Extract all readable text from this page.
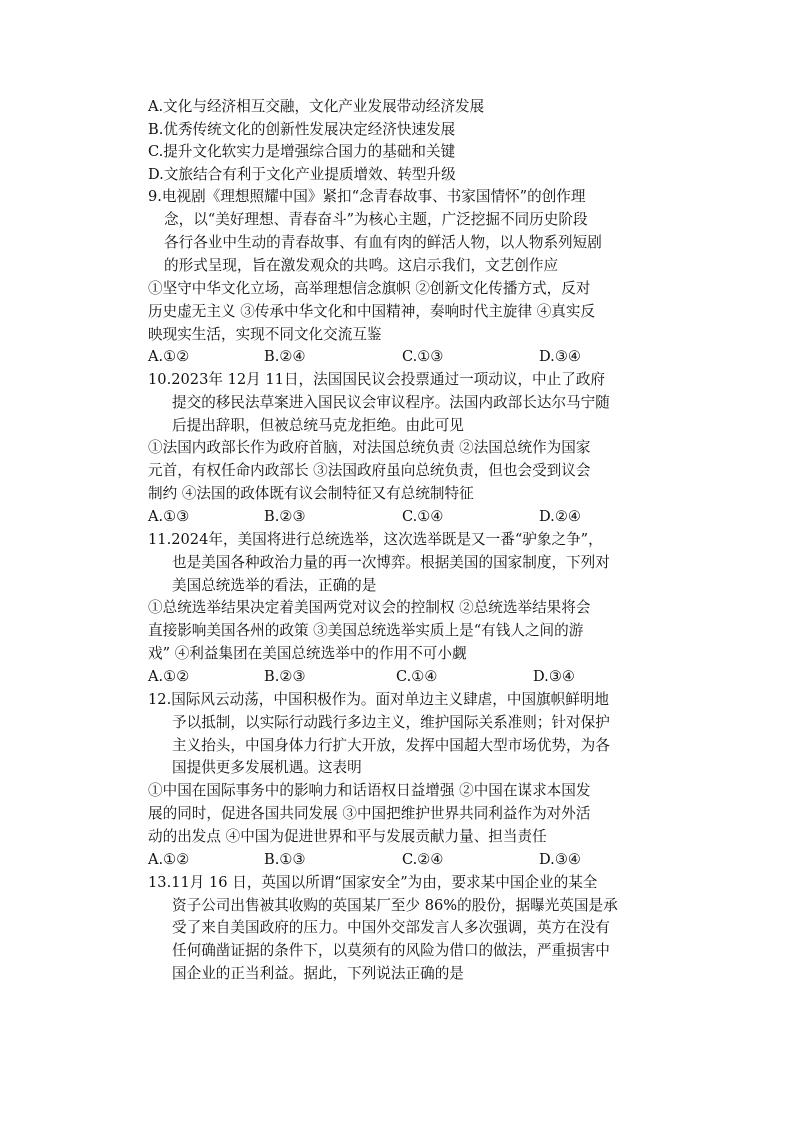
A.文化与经济相互交融，文化产业发展带动经济发展
B.优秀传统文化的创新性发展决定经济快速发展
C.提升文化软实力是增强综合国力的基础和关键
D.文旅结合有利于文化产业提质增效、转型升级
9.电视剧《理想照耀中国》紧扣“念青春故事、书家国情怀”的创作理
念，以“美好理想、青春奋斗”为核心主题，广泛挖掘不同历史阶段
各行各业中生动的青春故事、有血有肉的鲜活人物，以人物系列短剧
的形式呈现，旨在激发观众的共鸣。这启示我们，文艺创作应
①坚守中华文化立场，高举理想信念旗帜 ②创新文化传播方式，反对
历史虚无主义 ③传承中华文化和中国精神，奏响时代主旋律 ④真实反
映现实生活，实现不同文化交流互鉴
A.①②	B.②④	C.①③	D.③④
10.2023年 12月 11日，法国国民议会投票通过一项动议，中止了政府
提交的移民法草案进入国民议会审议程序。法国内政部长达尔马宁随
后提出辞职，但被总统马克龙拒绝。由此可见
①法国内政部长作为政府首脑，对法国总统负责 ②法国总统作为国家
元首，有权任命内政部长 ③法国政府虽向总统负责，但也会受到议会
制约 ④法国的政体既有议会制特征又有总统制特征
A.①③	B.②③	C.①④	D.②④
11.2024年，美国将进行总统选举，这次选举既是又一番“驴象之争”，
也是美国各种政治力量的再一次博弈。根据美国的国家制度，下列对
美国总统选举的看法，正确的是
①总统选举结果决定着美国两党对议会的控制权 ②总统选举结果将会
直接影响美国各州的政策 ③美国总统选举实质上是“有钱人之间的游
戏” ④利益集团在美国总统选举中的作用不可小觑
A.①②	B.②③	C.①④	D.③④
12.国际风云动荡，中国积极作为。面对单边主义肆虐，中国旗帜鲜明地
予以抵制，以实际行动践行多边主义，维护国际关系准则；针对保护
主义抬头，中国身体力行扩大开放，发挥中国超大型市场优势，为各
国提供更多发展机遇。这表明
①中国在国际事务中的影响力和话语权日益增强 ②中国在谋求本国发
展的同时，促进各国共同发展 ③中国把维护世界共同利益作为对外活
动的出发点 ④中国为促进世界和平与发展贡献力量、担当责任
A.①②	B.①③	C.②④	D.③④
13.11月 16 日，英国以所谓“国家安全”为由，要求某中国企业的某全
资子公司出售被其收购的英国某厂至少 86%的股份，据曝光英国是承
受了来自美国政府的压力。中国外交部发言人多次强调，英方在没有
任何确凿证据的条件下，以莫须有的风险为借口的做法，严重损害中
国企业的正当利益。据此，下列说法正确的是
